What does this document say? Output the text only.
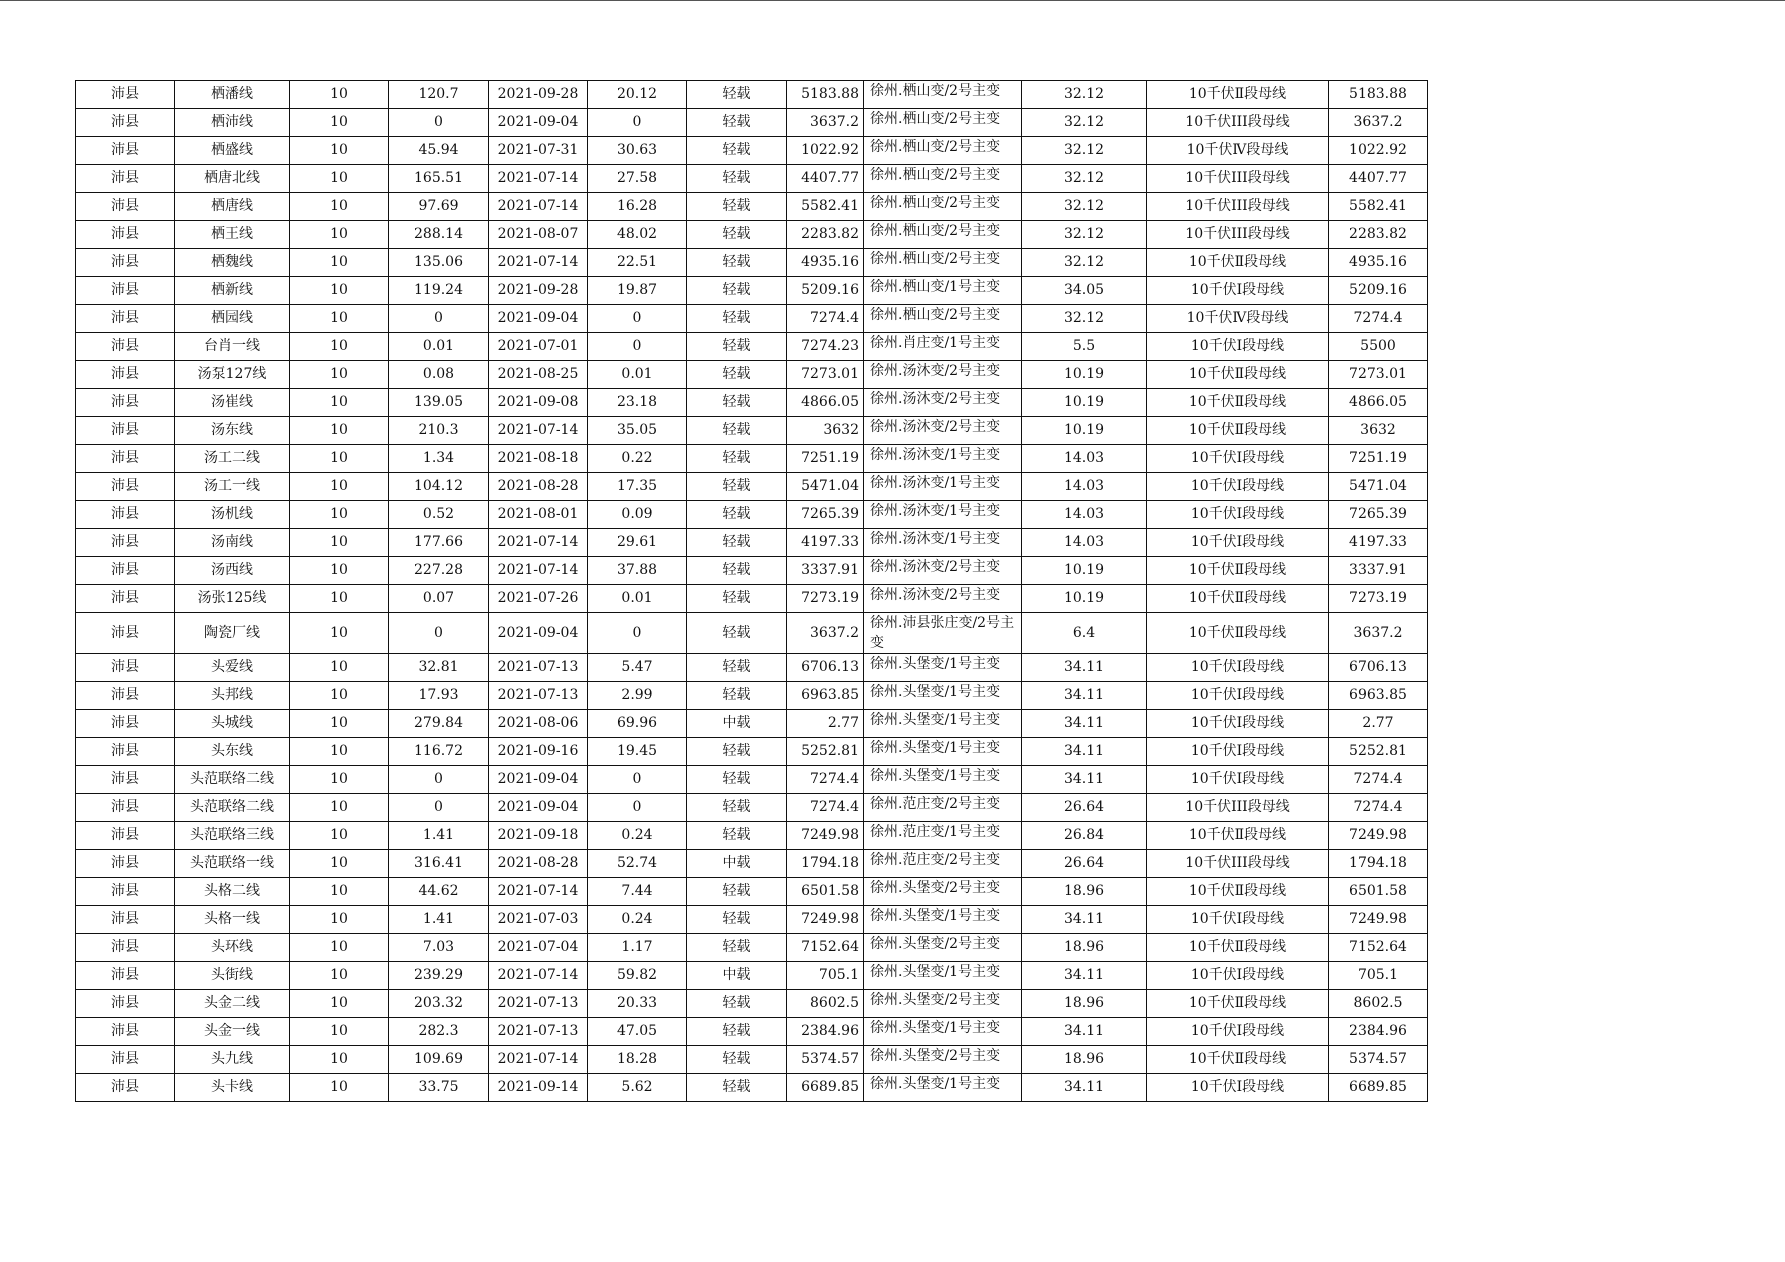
沛县	栖潘线	10	120.7	2021-09-28	20.12	轻载	5183.88	徐州.栖山变/2号主变	32.12	10千伏Ⅱ段母线	5183.88
沛县	栖沛线	10	0	2021-09-04	0	轻载	3637.2	徐州.栖山变/2号主变	32.12	10千伏III段母线	3637.2
沛县	栖盛线	10	45.94	2021-07-31	30.63	轻载	1022.92	徐州.栖山变/2号主变	32.12	10千伏Ⅳ段母线	1022.92
沛县	栖唐北线	10	165.51	2021-07-14	27.58	轻载	4407.77	徐州.栖山变/2号主变	32.12	10千伏III段母线	4407.77
沛县	栖唐线	10	97.69	2021-07-14	16.28	轻载	5582.41	徐州.栖山变/2号主变	32.12	10千伏III段母线	5582.41
沛县	栖王线	10	288.14	2021-08-07	48.02	轻载	2283.82	徐州.栖山变/2号主变	32.12	10千伏III段母线	2283.82
沛县	栖魏线	10	135.06	2021-07-14	22.51	轻载	4935.16	徐州.栖山变/2号主变	32.12	10千伏Ⅱ段母线	4935.16
沛县	栖新线	10	119.24	2021-09-28	19.87	轻载	5209.16	徐州.栖山变/1号主变	34.05	10千伏Ⅰ段母线	5209.16
沛县	栖园线	10	0	2021-09-04	0	轻载	7274.4	徐州.栖山变/2号主变	32.12	10千伏Ⅳ段母线	7274.4
沛县	台肖一线	10	0.01	2021-07-01	0	轻载	7274.23	徐州.肖庄变/1号主变	5.5	10千伏Ⅰ段母线	5500
沛县	汤泵127线	10	0.08	2021-08-25	0.01	轻载	7273.01	徐州.汤沐变/2号主变	10.19	10千伏Ⅱ段母线	7273.01
沛县	汤崔线	10	139.05	2021-09-08	23.18	轻载	4866.05	徐州.汤沐变/2号主变	10.19	10千伏Ⅱ段母线	4866.05
沛县	汤东线	10	210.3	2021-07-14	35.05	轻载	3632	徐州.汤沐变/2号主变	10.19	10千伏Ⅱ段母线	3632
沛县	汤工二线	10	1.34	2021-08-18	0.22	轻载	7251.19	徐州.汤沐变/1号主变	14.03	10千伏Ⅰ段母线	7251.19
沛县	汤工一线	10	104.12	2021-08-28	17.35	轻载	5471.04	徐州.汤沐变/1号主变	14.03	10千伏Ⅰ段母线	5471.04
沛县	汤机线	10	0.52	2021-08-01	0.09	轻载	7265.39	徐州.汤沐变/1号主变	14.03	10千伏Ⅰ段母线	7265.39
沛县	汤南线	10	177.66	2021-07-14	29.61	轻载	4197.33	徐州.汤沐变/1号主变	14.03	10千伏Ⅰ段母线	4197.33
沛县	汤西线	10	227.28	2021-07-14	37.88	轻载	3337.91	徐州.汤沐变/2号主变	10.19	10千伏Ⅱ段母线	3337.91
沛县	汤张125线	10	0.07	2021-07-26	0.01	轻载	7273.19	徐州.汤沐变/2号主变	10.19	10千伏Ⅱ段母线	7273.19
沛县	陶瓷厂线	10	0	2021-09-04	0	轻载	3637.2	徐州.沛县张庄变/2号主变	6.4	10千伏Ⅱ段母线	3637.2
沛县	头爱线	10	32.81	2021-07-13	5.47	轻载	6706.13	徐州.头堡变/1号主变	34.11	10千伏Ⅰ段母线	6706.13
沛县	头邦线	10	17.93	2021-07-13	2.99	轻载	6963.85	徐州.头堡变/1号主变	34.11	10千伏Ⅰ段母线	6963.85
沛县	头城线	10	279.84	2021-08-06	69.96	中载	2.77	徐州.头堡变/1号主变	34.11	10千伏Ⅰ段母线	2.77
沛县	头东线	10	116.72	2021-09-16	19.45	轻载	5252.81	徐州.头堡变/1号主变	34.11	10千伏Ⅰ段母线	5252.81
沛县	头范联络二线	10	0	2021-09-04	0	轻载	7274.4	徐州.头堡变/1号主变	34.11	10千伏Ⅰ段母线	7274.4
沛县	头范联络二线	10	0	2021-09-04	0	轻载	7274.4	徐州.范庄变/2号主变	26.64	10千伏III段母线	7274.4
沛县	头范联络三线	10	1.41	2021-09-18	0.24	轻载	7249.98	徐州.范庄变/1号主变	26.84	10千伏Ⅱ段母线	7249.98
沛县	头范联络一线	10	316.41	2021-08-28	52.74	中载	1794.18	徐州.范庄变/2号主变	26.64	10千伏III段母线	1794.18
沛县	头格二线	10	44.62	2021-07-14	7.44	轻载	6501.58	徐州.头堡变/2号主变	18.96	10千伏Ⅱ段母线	6501.58
沛县	头格一线	10	1.41	2021-07-03	0.24	轻载	7249.98	徐州.头堡变/1号主变	34.11	10千伏Ⅰ段母线	7249.98
沛县	头环线	10	7.03	2021-07-04	1.17	轻载	7152.64	徐州.头堡变/2号主变	18.96	10千伏Ⅱ段母线	7152.64
沛县	头街线	10	239.29	2021-07-14	59.82	中载	705.1	徐州.头堡变/1号主变	34.11	10千伏Ⅰ段母线	705.1
沛县	头金二线	10	203.32	2021-07-13	20.33	轻载	8602.5	徐州.头堡变/2号主变	18.96	10千伏Ⅱ段母线	8602.5
沛县	头金一线	10	282.3	2021-07-13	47.05	轻载	2384.96	徐州.头堡变/1号主变	34.11	10千伏Ⅰ段母线	2384.96
沛县	头九线	10	109.69	2021-07-14	18.28	轻载	5374.57	徐州.头堡变/2号主变	18.96	10千伏Ⅱ段母线	5374.57
沛县	头卡线	10	33.75	2021-09-14	5.62	轻载	6689.85	徐州.头堡变/1号主变	34.11	10千伏Ⅰ段母线	6689.85
